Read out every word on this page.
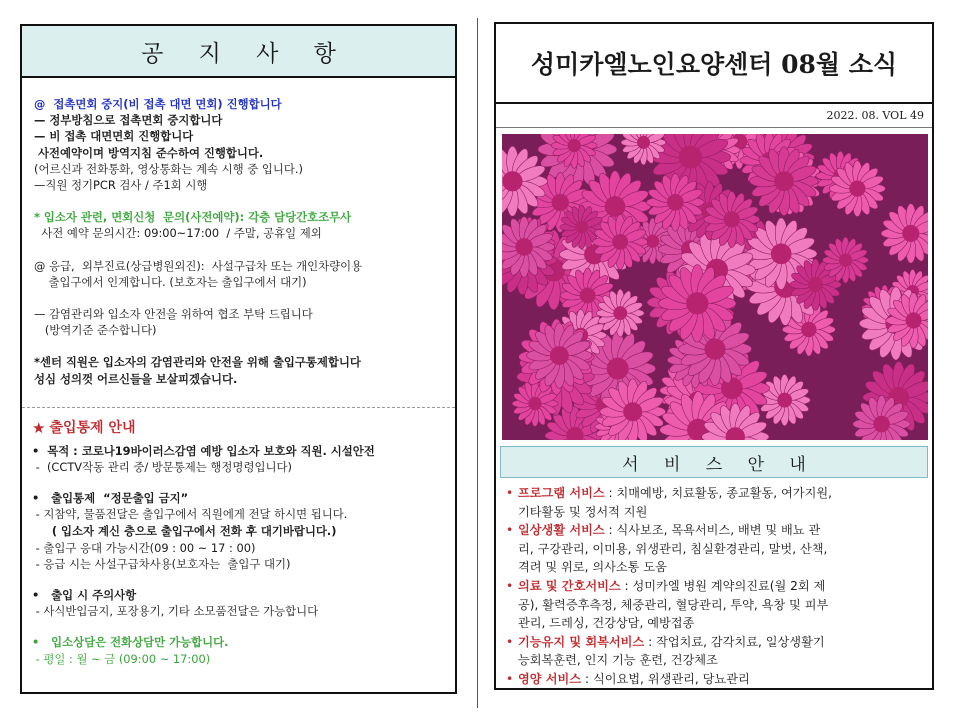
공 지 사 항
@  접촉면회 중지(비 접촉 대면 면회) 진행합니다
— 정부방침으로 접촉면회 중지합니다
— 비 접촉 대면면회 진행합니다
사전예약이며 방역지침 준수하여 진행합니다.
(어르신과 전화통화, 영상통화는 계속 시행 중 입니다.)
—직원 정기PCR 검사 / 주1회 시행
* 입소자 관련, 면회신청  문의(사전예약): 각층 담당간호조무사
사전 예약 문의시간: 09:00~17:00  / 주말, 공휴일 제외
@ 응급,  외부진료(상급병원외진):  사설구급차 또는 개인차량이용
출입구에서 인계합니다. (보호자는 출입구에서 대기)
— 감염관리와 입소자 안전을 위하여 협조 부탁 드립니다
(방역기준 준수합니다)
*센터 직원은 입소자의 감염관리와 안전을 위해 출입구통제합니다
성심 성의껏 어르신들을 보살피겠습니다.
★ 출입통제 안내
•  목적 : 코로나19바이러스감염 예방 입소자 보호와 직원. 시설안전
-  (CCTV작동 관리 중/ 방문통제는 행정명령입니다)
•   출입통제  “정문출입 금지”
- 지참약, 물품전달은 출입구에서 직원에게 전달 하시면 됩니다.
( 입소자 계신 층으로 출입구에서 전화 후 대기바랍니다.)
- 출입구 응대 가능시간(09 : 00 ~ 17 : 00)
- 응급 시는 사설구급차사용(보호자는  출입구 대기)
•   출입 시 주의사항
- 사식반입금지, 포장용기, 기타 소모품전달은 가능합니다
•   입소상담은 전화상담만 가능합니다.
- 평일 : 월 ~ 금 (09:00 ~ 17:00)
성미카엘노인요양센터 08월 소식
2022. 08. VOL 49
서 비 스 안 내
• 프로그램 서비스 : 치매예방, 치료활동, 종교활동, 여가지원,
기타활동 및 정서적 지원
• 일상생활 서비스 : 식사보조, 목욕서비스, 배변 및 배뇨 관
리, 구강관리, 이미용, 위생관리, 침실환경관리, 말벗, 산책,
격려 및 위로, 의사소통 도움
• 의료 및 간호서비스 : 성미카엘 병원 계약의진료(월 2회 제
공), 활력증후측정, 체중관리, 혈당관리, 투약, 욕창 및 피부
관리, 드레싱, 건강상담, 예방접종
• 기능유지 및 회복서비스 : 작업치료, 감각치료, 일상생활기
능회복훈련, 인지 기능 훈련, 건강체조
• 영양 서비스 : 식이요법, 위생관리, 당뇨관리
